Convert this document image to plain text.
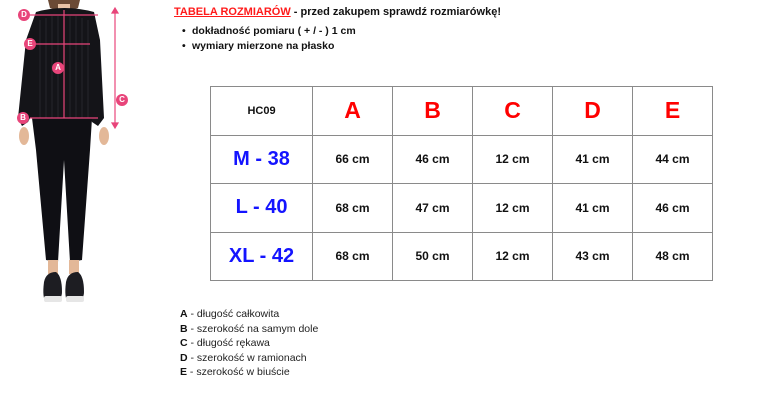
D
E
A
B
C
TABELA ROZMIARÓW - przed zakupem sprawdź rozmiarówkę!
• dokładność pomiaru ( + / - ) 1 cm
• wymiary mierzone na płasko
HC09	A	B	C	D	E
M - 38	66 cm	46 cm	12 cm	41 cm	44 cm
L - 40	68 cm	47 cm	12 cm	41 cm	46 cm
XL - 42	68 cm	50 cm	12 cm	43 cm	48 cm
A - długość całkowita
B - szerokość na samym dole
C - długość rękawa
D - szerokość w ramionach
E - szerokość w biuście
